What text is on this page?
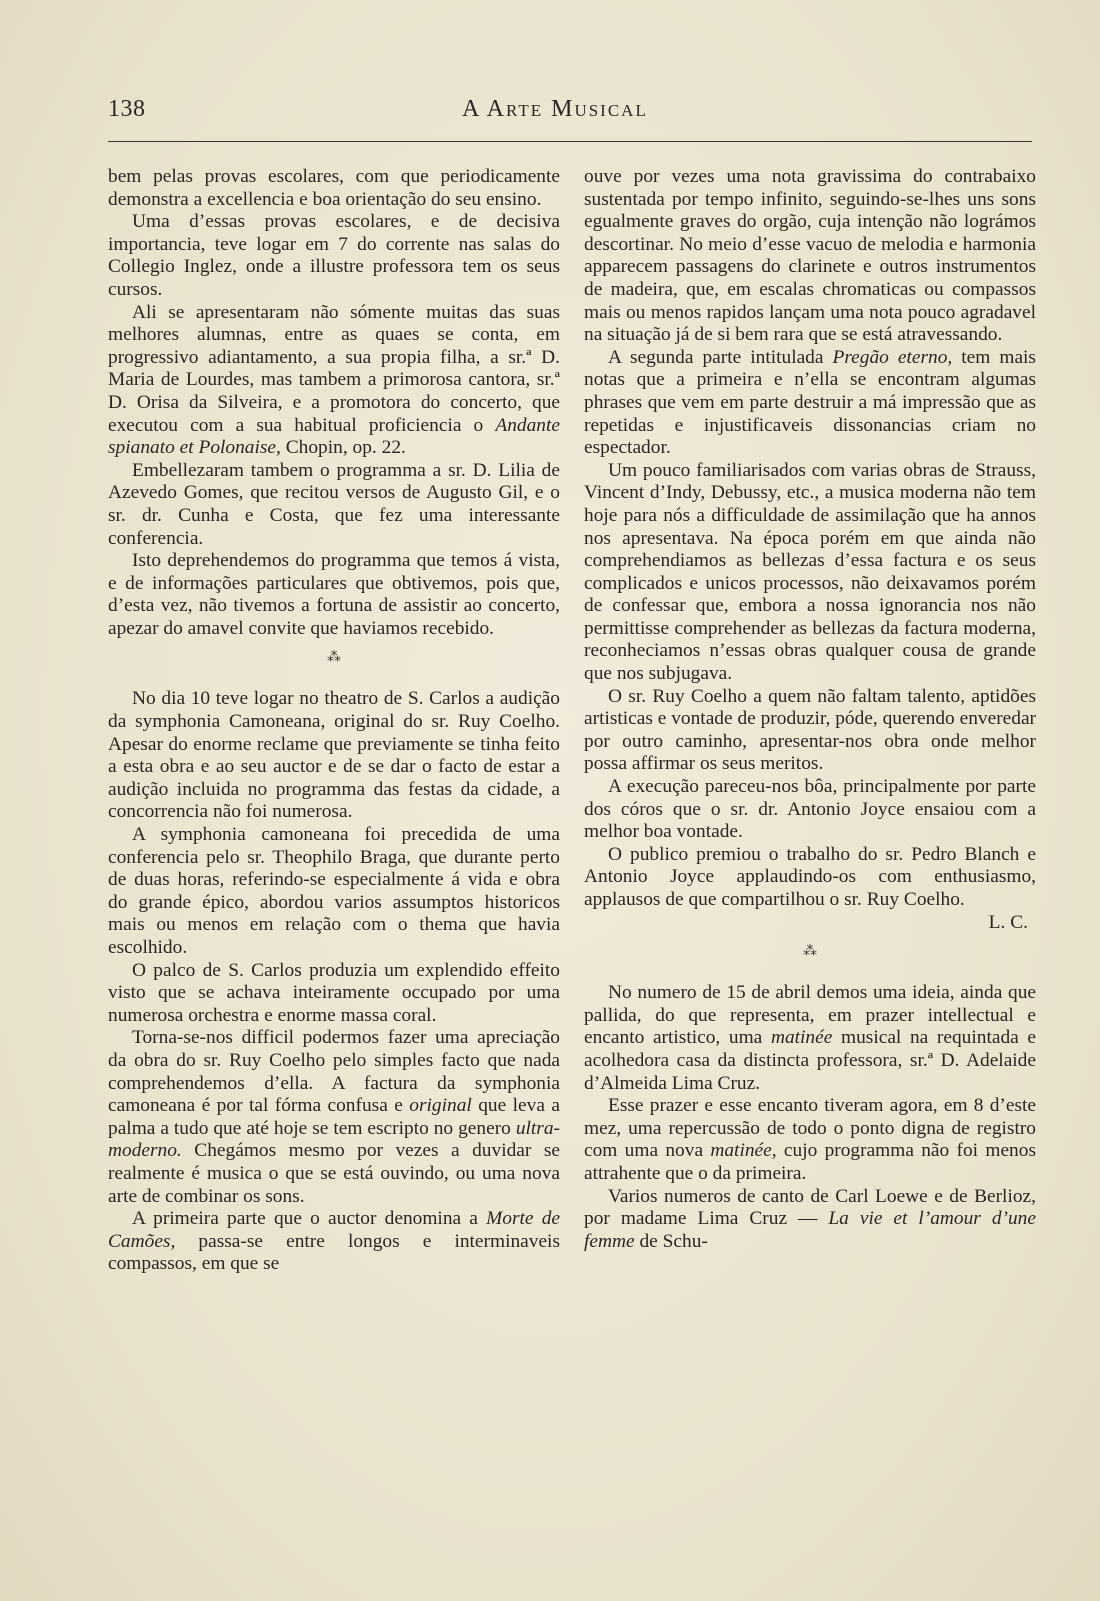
138	A Arte Musical

bem pelas provas escolares, com que periodicamente demonstra a excellencia e boa orientação do seu ensino.

Uma d’essas provas escolares, e de decisiva importancia, teve logar em 7 do corrente nas salas do Collegio Inglez, onde a illustre professora tem os seus cursos.

Ali se apresentaram não sómente muitas das suas melhores alumnas, entre as quaes se conta, em progressivo adiantamento, a sua propia filha, a sr.ª D. Maria de Lourdes, mas tambem a primorosa cantora, sr.ª D. Orisa da Silveira, e a promotora do concerto, que executou com a sua habitual proficiencia o Andante spianato et Polonaise, Chopin, op. 22.

Embellezaram tambem o programma a sr. D. Lilia de Azevedo Gomes, que recitou versos de Augusto Gil, e o sr. dr. Cunha e Costa, que fez uma interessante conferencia.

Isto deprehendemos do programma que temos á vista, e de informações particulares que obtivemos, pois que, d’esta vez, não tivemos a fortuna de assistir ao concerto, apezar do amavel convite que haviamos recebido.

⁂

No dia 10 teve logar no theatro de S. Carlos a audição da symphonia Camoneana, original do sr. Ruy Coelho. Apesar do enorme reclame que previamente se tinha feito a esta obra e ao seu auctor e de se dar o facto de estar a audição incluida no programma das festas da cidade, a concorrencia não foi numerosa.

A symphonia camoneana foi precedida de uma conferencia pelo sr. Theophilo Braga, que durante perto de duas horas, referindo-se especialmente á vida e obra do grande épico, abordou varios assumptos historicos mais ou menos em relação com o thema que havia escolhido.

O palco de S. Carlos produzia um explendido effeito visto que se achava inteiramente occupado por uma numerosa orchestra e enorme massa coral.

Torna-se-nos difficil podermos fazer uma apreciação da obra do sr. Ruy Coelho pelo simples facto que nada comprehendemos d’ella. A factura da symphonia camoneana é por tal fórma confusa e original que leva a palma a tudo que até hoje se tem escripto no genero ultra-moderno. Chegámos mesmo por vezes a duvidar se realmente é musica o que se está ouvindo, ou uma nova arte de combinar os sons.

A primeira parte que o auctor denomina a Morte de Camões, passa-se entre longos e interminaveis compassos, em que se

ouve por vezes uma nota gravissima do contrabaixo sustentada por tempo infinito, seguindo-se-lhes uns sons egualmente graves do orgão, cuja intenção não lográmos descortinar. No meio d’esse vacuo de melodia e harmonia apparecem passagens do clarinete e outros instrumentos de madeira, que, em escalas chromaticas ou compassos mais ou menos rapidos lançam uma nota pouco agradavel na situação já de si bem rara que se está atravessando.

A segunda parte intitulada Pregão eterno, tem mais notas que a primeira e n’ella se encontram algumas phrases que vem em parte destruir a má impressão que as repetidas e injustificaveis dissonancias criam no espectador.

Um pouco familiarisados com varias obras de Strauss, Vincent d’Indy, Debussy, etc., a musica moderna não tem hoje para nós a difficuldade de assimilação que ha annos nos apresentava. Na época porém em que ainda não comprehendiamos as bellezas d’essa factura e os seus complicados e unicos processos, não deixavamos porém de confessar que, embora a nossa ignorancia nos não permittisse comprehender as bellezas da factura moderna, reconheciamos n’essas obras qualquer cousa de grande que nos subjugava.

O sr. Ruy Coelho a quem não faltam talento, aptidões artisticas e vontade de produzir, póde, querendo enveredar por outro caminho, apresentar-nos obra onde melhor possa affirmar os seus meritos.

A execução pareceu-nos bôa, principalmente por parte dos córos que o sr. dr. Antonio Joyce ensaiou com a melhor boa vontade.

O publico premiou o trabalho do sr. Pedro Blanch e Antonio Joyce applaudindo-os com enthusiasmo, applausos de que compartilhou o sr. Ruy Coelho.

L. C.

⁂

No numero de 15 de abril demos uma ideia, ainda que pallida, do que representa, em prazer intellectual e encanto artistico, uma matinée musical na requintada e acolhedora casa da distincta professora, sr.ª D. Adelaide d’Almeida Lima Cruz.

Esse prazer e esse encanto tiveram agora, em 8 d’este mez, uma repercussão de todo o ponto digna de registro com uma nova matinée, cujo programma não foi menos attrahente que o da primeira.

Varios numeros de canto de Carl Loewe e de Berlioz, por madame Lima Cruz — La vie et l’amour d’une femme de Schu-
